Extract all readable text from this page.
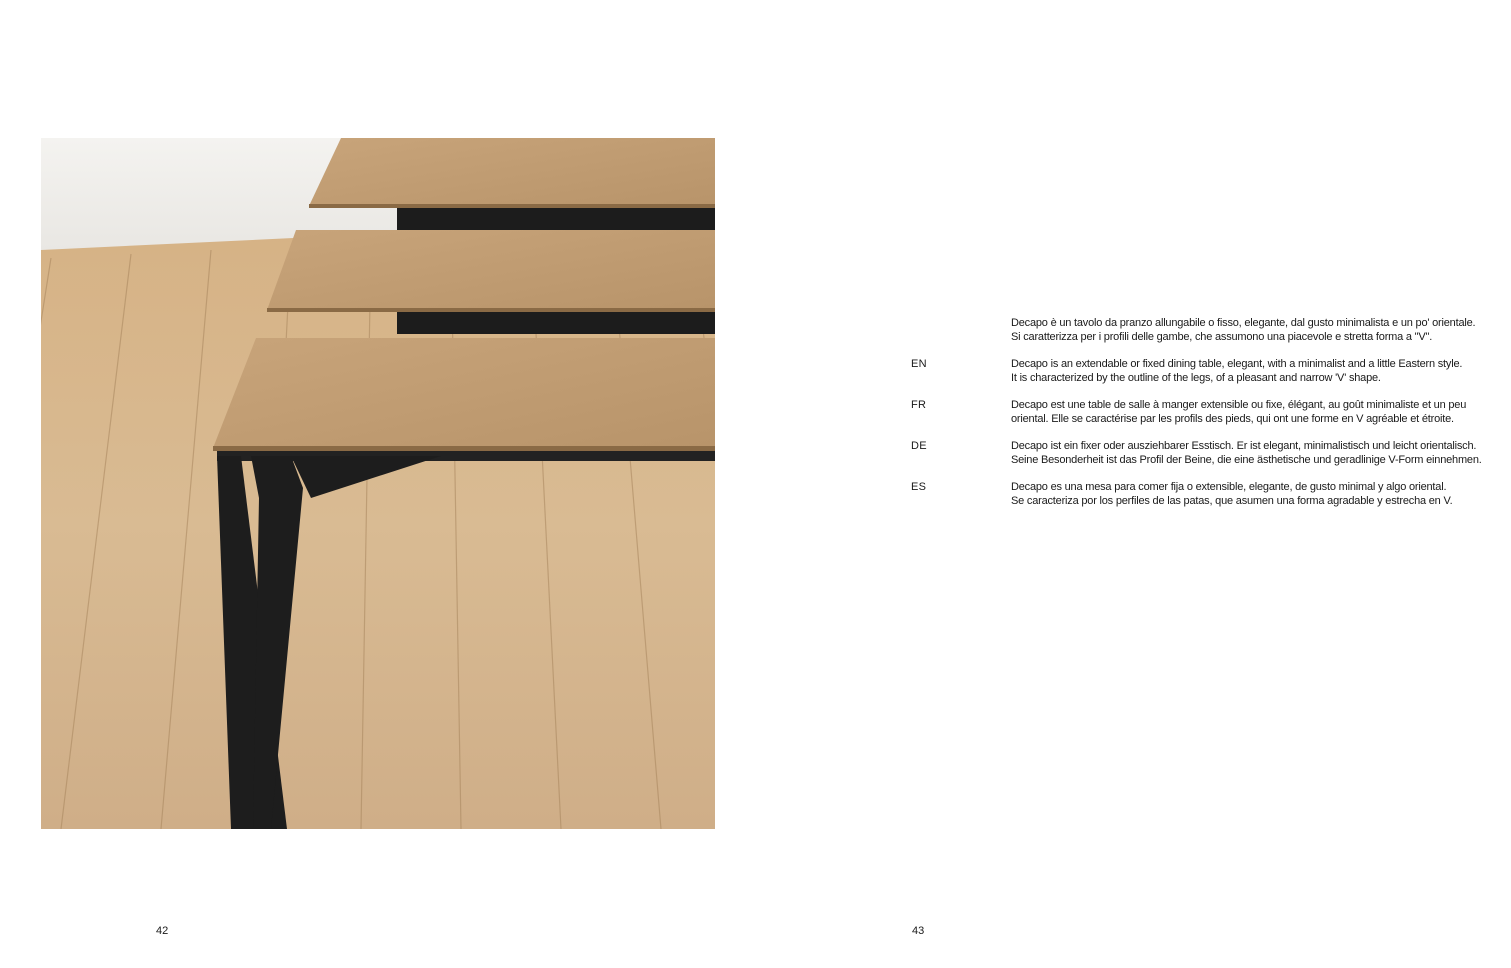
Decapo è un tavolo da pranzo allungabile o fisso, elegante, dal gusto minimalista e un po' orientale.
Si caratterizza per i profili delle gambe, che assumono una piacevole e stretta forma a "V".
EN	Decapo is an extendable or fixed dining table, elegant, with a minimalist and a little Eastern style.
It is characterized by the outline of the legs, of a pleasant and narrow 'V' shape.
FR	Decapo est une table de salle à manger extensible ou fixe, élégant, au goût minimaliste et un peu
oriental. Elle se caractérise par les profils des pieds, qui ont une forme en V agréable et étroite.
DE	Decapo ist ein fixer oder ausziehbarer Esstisch. Er ist elegant, minimalistisch und leicht orientalisch.
Seine Besonderheit ist das Profil der Beine, die eine ästhetische und geradlinige V-Form einnehmen.
ES	Decapo es una mesa para comer fija o extensible, elegante, de gusto minimal y algo oriental.
Se caracteriza por los perfiles de las patas, que asumen una forma agradable y estrecha en V.
42	43
